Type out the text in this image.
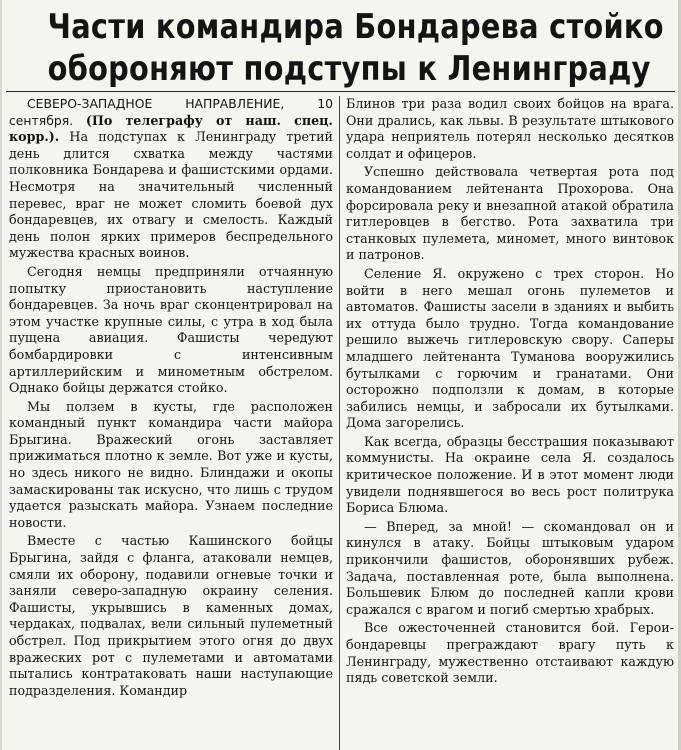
Части командира Бондарева стойко
обороняют подступы к Ленинграду

СЕВЕРО-ЗАПАДНОЕ НАПРАВЛЕНИЕ, 10 сентября. (По телеграфу от наш. спец. корр.). На подступах к Ленинграду третий день длится схватка между частями полковника Бондарева и фашистскими ордами. Несмотря на значительный численный перевес, враг не может сломить боевой дух бондаревцев, их отвагу и смелость. Каждый день полон ярких примеров беспредельного мужества красных воинов.

Сегодня немцы предприняли отчаянную попытку приостановить наступление бондаревцев. За ночь враг сконцентрировал на этом участке крупные силы, с утра в ход была пущена авиация. Фашисты чередуют бомбардировки с интенсивным артиллерийским и минометным обстрелом. Однако бойцы держатся стойко.

Мы ползем в кусты, где расположен командный пункт командира части майора Брыгина. Вражеский огонь заставляет прижиматься плотно к земле. Вот уже и кусты, но здесь никого не видно. Блиндажи и окопы замаскированы так искусно, что лишь с трудом удается разыскать майора. Узнаем последние новости.

Вместе с частью Кашинского бойцы Брыгина, зайдя с фланга, атаковали немцев, смяли их оборону, подавили огневые точки и заняли северо-западную окраину селения. Фашисты, укрывшись в каменных домах, чердаках, подвалах, вели сильный пулеметный обстрел. Под прикрытием этого огня до двух вражеских рот с пулеметами и автоматами пытались контратаковать наши наступающие подразделения. Командир

Блинов три раза водил своих бойцов на врага. Они дрались, как львы. В результате штыкового удара неприятель потерял несколько десятков солдат и офицеров.

Успешно действовала четвертая рота под командованием лейтенанта Прохорова. Она форсировала реку и внезапной атакой обратила гитлеровцев в бегство. Рота захватила три станковых пулемета, миномет, много винтовок и патронов.

Селение Я. окружено с трех сторон. Но войти в него мешал огонь пулеметов и автоматов. Фашисты засели в зданиях и выбить их оттуда было трудно. Тогда командование решило выжечь гитлеровскую свору. Саперы младшего лейтенанта Туманова вооружились бутылками с горючим и гранатами. Они осторожно подползли к домам, в которые забились немцы, и забросали их бутылками. Дома загорелись.

Как всегда, образцы бесстрашия показывают коммунисты. На окраине села Я. создалось критическое положение. И в этот момент люди увидели поднявшегося во весь рост политрука Бориса Блюма.

— Вперед, за мной! — скомандовал он и кинулся в атаку. Бойцы штыковым ударом прикончили фашистов, оборонявших рубеж. Задача, поставленная роте, была выполнена. Большевик Блюм до последней капли крови сражался с врагом и погиб смертью храбрых.

Все ожесточенней становится бой. Герои-бондаревцы преграждают врагу путь к Ленинграду, мужественно отстаивают каждую пядь советской земли.
